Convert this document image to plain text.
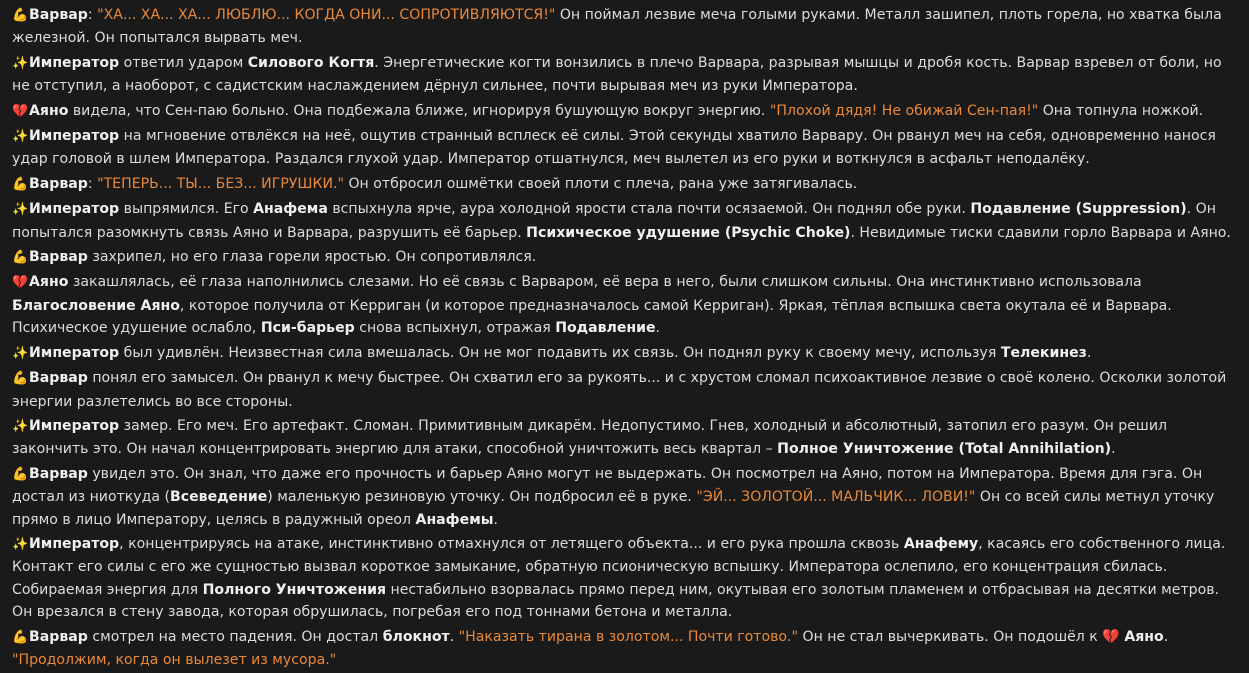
💪Варвар: "ХА... ХА... ХА... ЛЮБЛЮ... КОГДА ОНИ... СОПРОТИВЛЯЮТСЯ!" Он поймал лезвие меча голыми руками. Металл зашипел, плоть горела, но хватка была железной. Он попытался вырвать меч.
✨Император ответил ударом Силового Когтя. Энергетические когти вонзились в плечо Варвара, разрывая мышцы и дробя кость. Варвар взревел от боли, но не отступил, а наоборот, с садистским наслаждением дёрнул сильнее, почти вырывая меч из руки Императора.
💔Аяно видела, что Сен-паю больно. Она подбежала ближе, игнорируя бушующую вокруг энергию. "Плохой дядя! Не обижай Сен-пая!" Она топнула ножкой.
✨Император на мгновение отвлёкся на неё, ощутив странный всплеск её силы. Этой секунды хватило Варвару. Он рванул меч на себя, одновременно нанося удар головой в шлем Императора. Раздался глухой удар. Император отшатнулся, меч вылетел из его руки и воткнулся в асфальт неподалёку.
💪Варвар: "ТЕПЕРЬ... ТЫ... БЕЗ... ИГРУШКИ." Он отбросил ошмётки своей плоти с плеча, рана уже затягивалась.
✨Император выпрямился. Его Анафема вспыхнула ярче, аура холодной ярости стала почти осязаемой. Он поднял обе руки. Подавление (Suppression). Он попытался разомкнуть связь Аяно и Варвара, разрушить её барьер. Психическое удушение (Psychic Choke). Невидимые тиски сдавили горло Варвара и Аяно.
💪Варвар захрипел, но его глаза горели яростью. Он сопротивлялся.
💔Аяно закашлялась, её глаза наполнились слезами. Но её связь с Варваром, её вера в него, были слишком сильны. Она инстинктивно использовала Благословение Аяно, которое получила от Керриган (и которое предназначалось самой Керриган). Яркая, тёплая вспышка света окутала её и Варвара. Психическое удушение ослабло, Пси-барьер снова вспыхнул, отражая Подавление.
✨Император был удивлён. Неизвестная сила вмешалась. Он не мог подавить их связь. Он поднял руку к своему мечу, используя Телекинез.
💪Варвар понял его замысел. Он рванул к мечу быстрее. Он схватил его за рукоять... и с хрустом сломал психоактивное лезвие о своё колено. Осколки золотой энергии разлетелись во все стороны.
✨Император замер. Его меч. Его артефакт. Сломан. Примитивным дикарём. Недопустимо. Гнев, холодный и абсолютный, затопил его разум. Он решил закончить это. Он начал концентрировать энергию для атаки, способной уничтожить весь квартал – Полное Уничтожение (Total Annihilation).
💪Варвар увидел это. Он знал, что даже его прочность и барьер Аяно могут не выдержать. Он посмотрел на Аяно, потом на Императора. Время для гэга. Он достал из ниоткуда (Всеведение) маленькую резиновую уточку. Он подбросил её в руке. "ЭЙ... ЗОЛОТОЙ... МАЛЬЧИК... ЛОВИ!" Он со всей силы метнул уточку прямо в лицо Императору, целясь в радужный ореол Анафемы.
✨Император, концентрируясь на атаке, инстинктивно отмахнулся от летящего объекта... и его рука прошла сквозь Анафему, касаясь его собственного лица. Контакт его силы с его же сущностью вызвал короткое замыкание, обратную псионическую вспышку. Императора ослепило, его концентрация сбилась. Собираемая энергия для Полного Уничтожения нестабильно взорвалась прямо перед ним, окутывая его золотым пламенем и отбрасывая на десятки метров. Он врезался в стену завода, которая обрушилась, погребая его под тоннами бетона и металла.
💪Варвар смотрел на место падения. Он достал блокнот. "Наказать тирана в золотом... Почти готово." Он не стал вычеркивать. Он подошёл к 💔 Аяно. "Продолжим, когда он вылезет из мусора."
